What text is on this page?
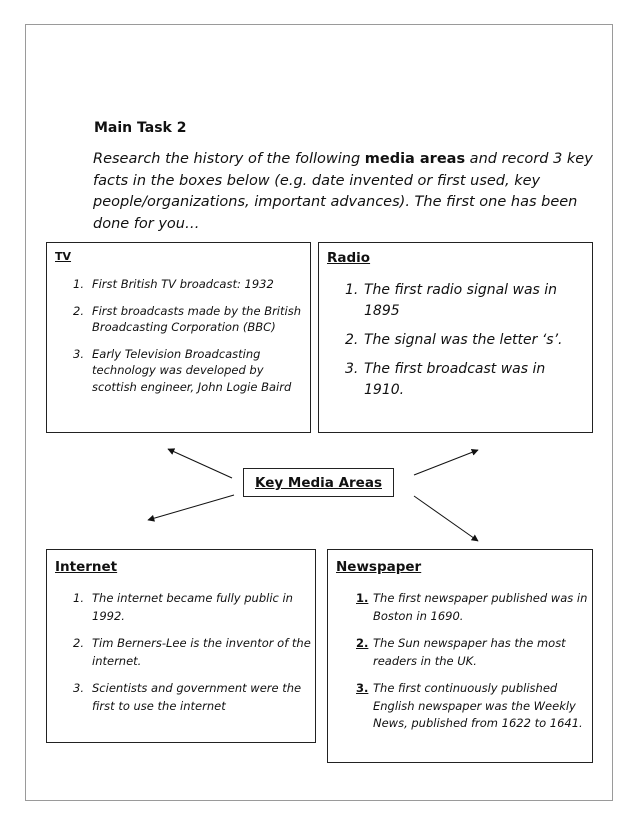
Main Task 2
Research the history of the following media areas and record 3 key facts in the boxes below (e.g. date invented or first used, key people/organizations, important advances). The first one has been done for you…
TV
1. First British TV broadcast: 1932
2. First broadcasts made by the British Broadcasting Corporation (BBC)
3. Early Television Broadcasting technology was developed by scottish engineer, John Logie Baird
Radio
1. The first radio signal was in 1895
2. The signal was the letter ‘s’.
3. The first broadcast was in 1910.
Key Media Areas
Internet
1. The internet became fully public in 1992.
2. Tim Berners-Lee is the inventor of the internet.
3. Scientists and government were the first to use the internet
Newspaper
1. The first newspaper published was in Boston in 1690.
2. The Sun newspaper has the most readers in the UK.
3. The first continuously published English newspaper was the Weekly News, published from 1622 to 1641.
